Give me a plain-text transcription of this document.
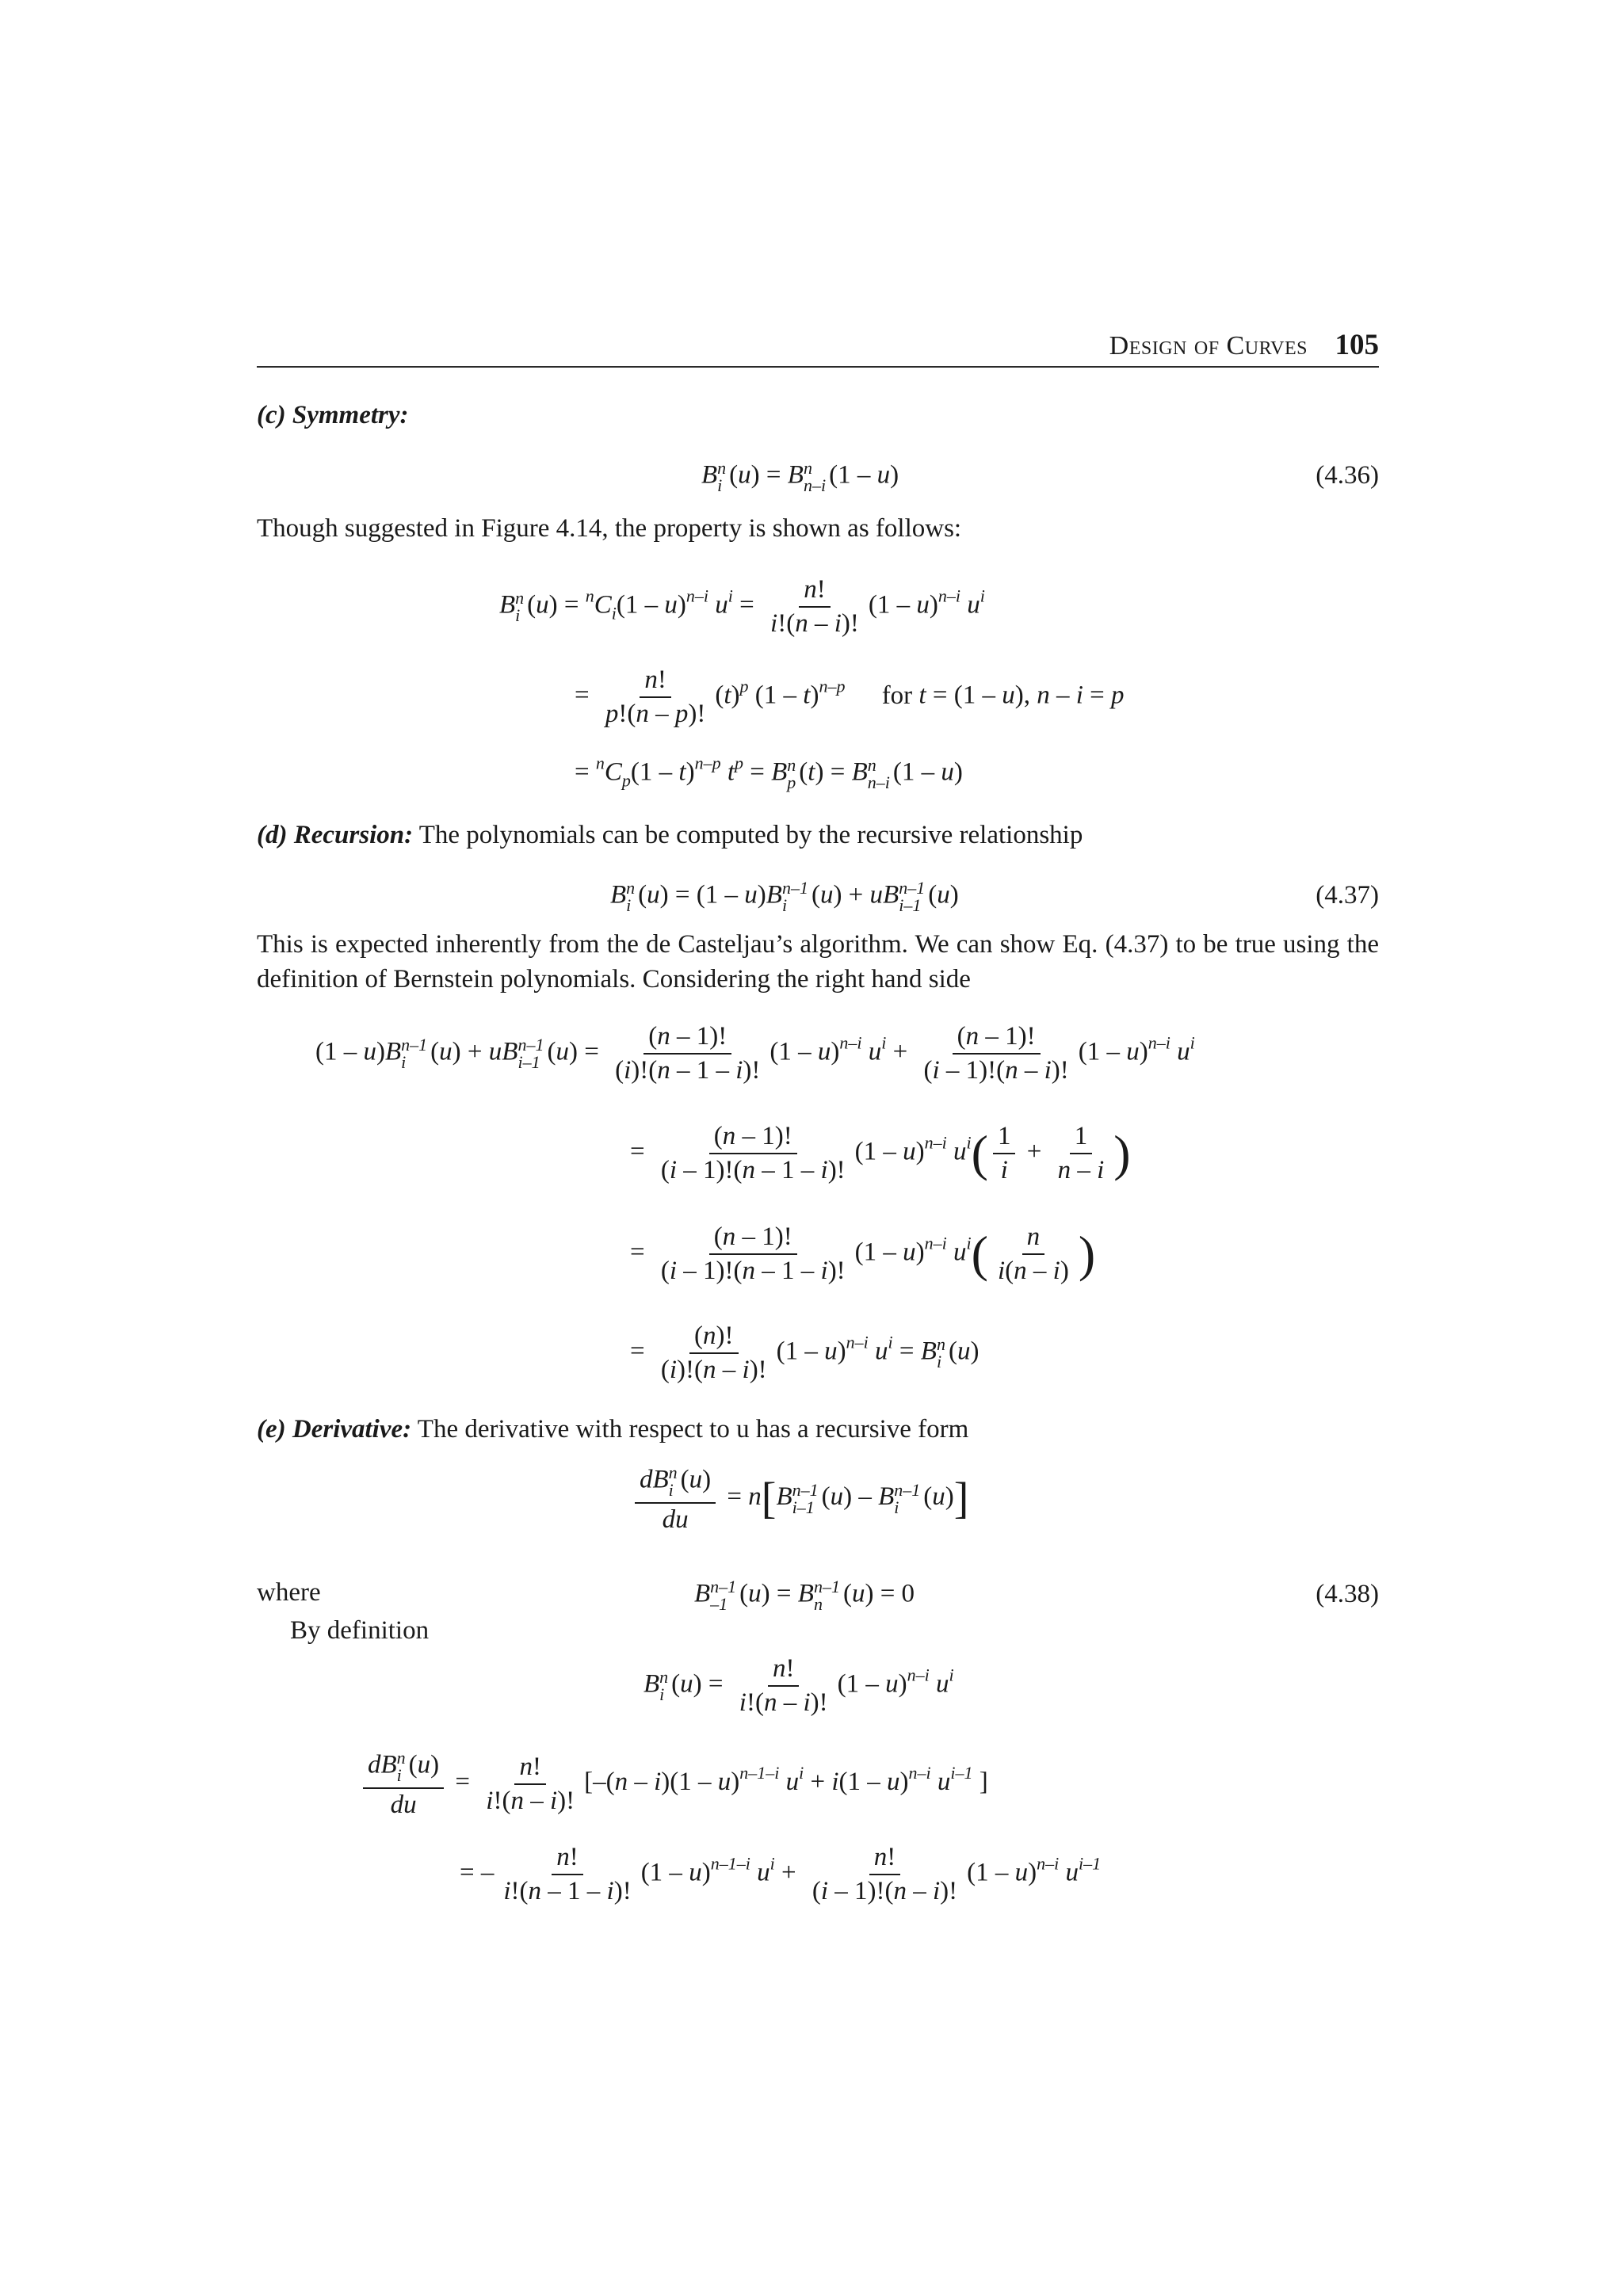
Design of Curves 105
(c) Symmetry:
B n
i (u) = B n
n–i (1 – u)	(4.36)
Though suggested in Figure 4.14, the property is shown as follows:
B n
i $(u) = ^nC_i(1 - u)^{n-i}$ $u^i = \frac{n!}{i!(n - i)!} (1 - u)^{n-i}$ $u^i$
= $\frac{n!}{p!(n - p)!} (t)^p$ (1 – t)$^{n-p}$ for t = (1 – u), n – i = p
= $^nC_p(1 - t)^{n-p}$ $t^p = B$ n
p (t) = B n
n–i (1 – u)
(d) Recursion: The polynomials can be computed by the recursive relationship
B n
i (u) = (1 – u)B n–1
i (u) + uB n–1
i–1 (u)	(4.37)
This is expected inherently from the de Casteljau’s algorithm. We can show Eq. (4.37) to be true using the definition of Bernstein polynomials. Considering the right hand side
(1 – u)B n–1
i (u) + uB n–1
i–1 $(u) = \frac{(n - 1)!}{(i)!(n - 1 - i)!} (1 - u)^{n-i}$ $u^i + \frac{(n - 1)!}{(i - 1)!(n - i)!} (1 - u)^{n-i}$ $u^i$
= $\frac{(n - 1)!}{(i - 1)!(n - 1 - i)!} (1 - u)^{n-i}$ $u^i( \frac{1}{i} + \frac{1}{n - i}$ )
= $\frac{(n - 1)!}{(i - 1)!(n - 1 - i)!} (1 - u)^{n-i}$ $u^i( \frac{n}{i(n - i)}$ )
= $\frac{(n)!}{(i)!(n - i)!} (1 - u)^{n-i}$ $u^i = B$ n
i (u)
(e) Derivative: The derivative with respect to u has a recursive form
dB n
i (u)
du = n[B n–1
i–1 (u) – B n–1
i (u)]
where	B n–1
–1 (u) = B n–1
n (u) = 0	(4.38)
By definition
B n
i $(u) = \frac{n!}{i!(n - i)!} (1 - u)^{n-i}$ $u^i$
dB n
i (u)
du = $\frac{n!}{i!(n - i)!} [-(n - i)(1 - u)^{n-1-i}$ $u^i + i(1 - u)^{n-i}$ $u^{i-1}$ ]
= – $\frac{n!}{i!(n - 1 - i)!} (1 - u)^{n-1-i}$ $u^i + \frac{n!}{(i - 1)!(n - i)!} (1 - u)^{n-i}$ $u^{i-1}$
